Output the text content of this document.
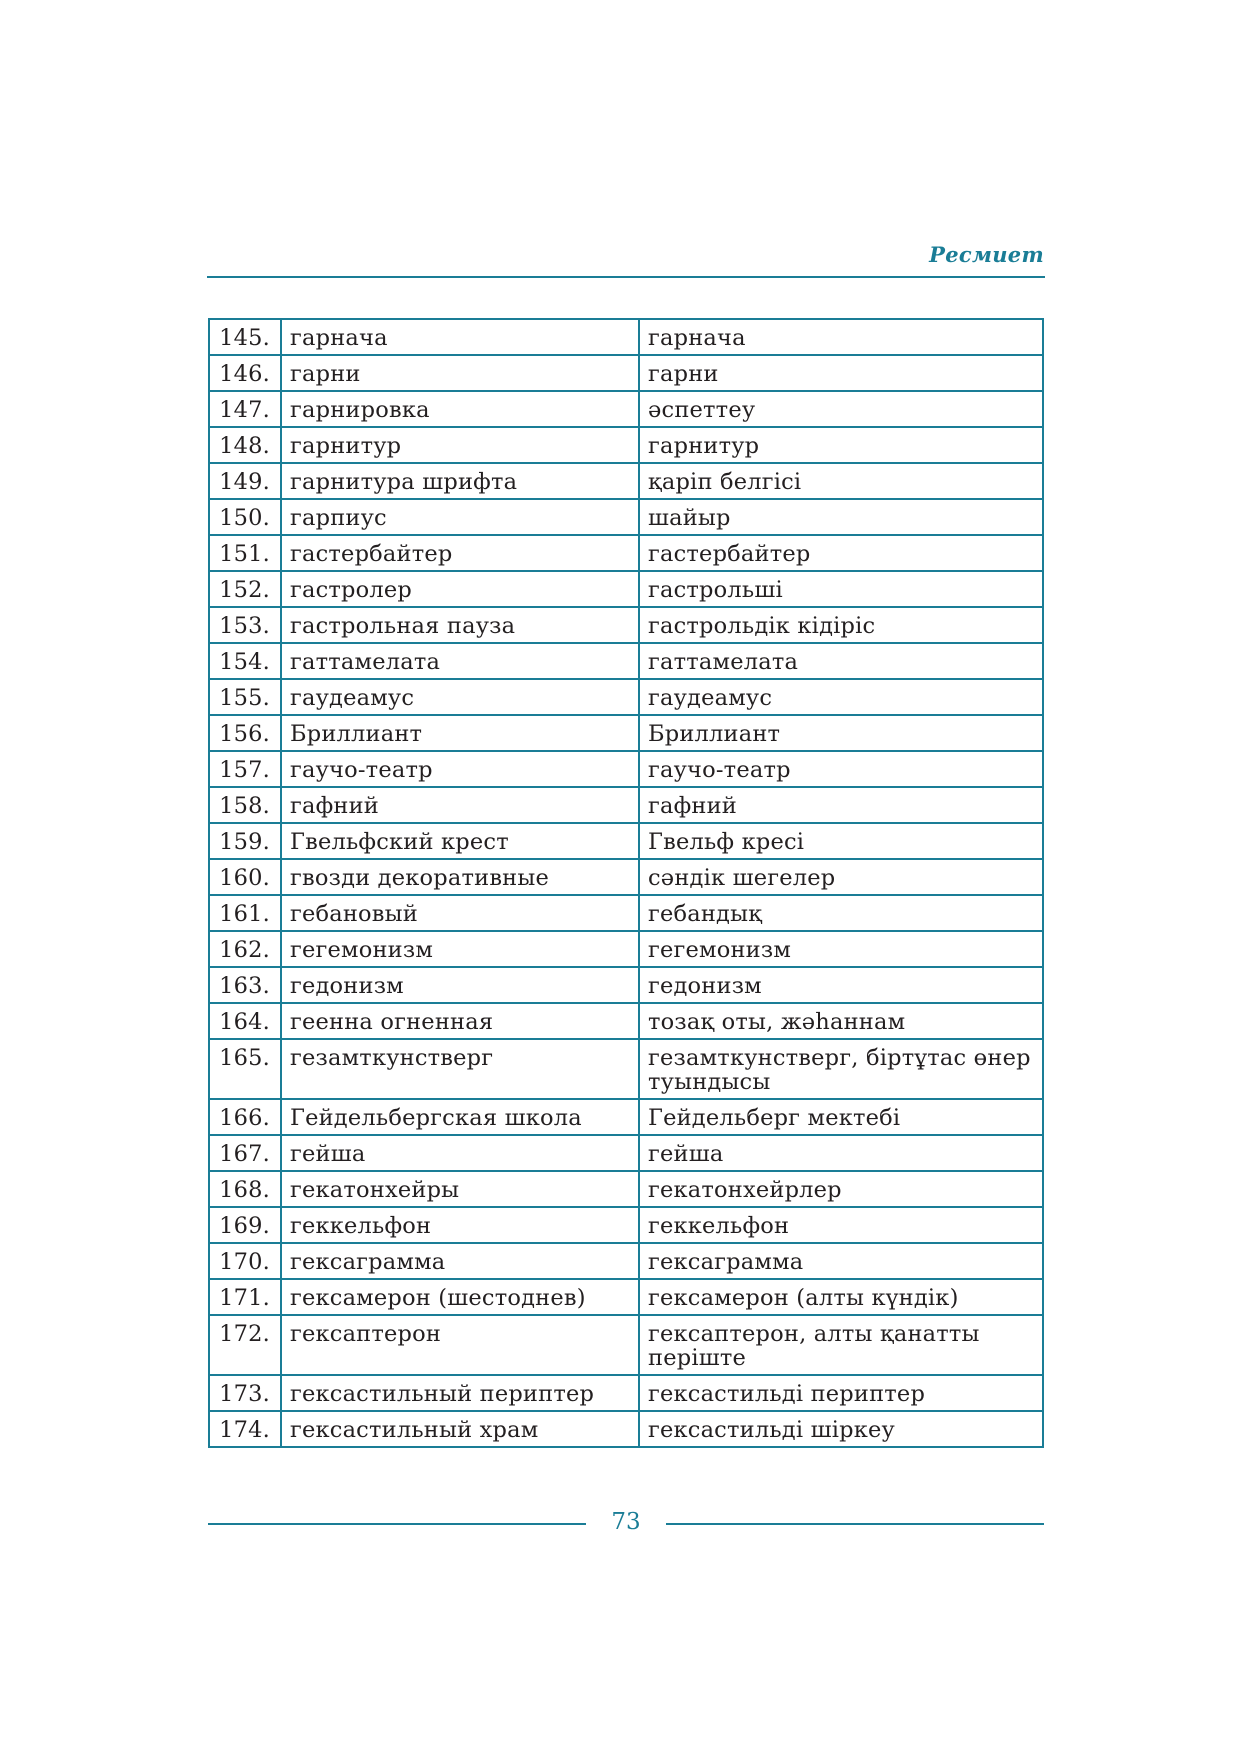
Ресмиет
145.	гарнача	гарнача
146.	гарни	гарни
147.	гарнировка	әспеттеу
148.	гарнитур	гарнитур
149.	гарнитура шрифта	қаріп белгісі
150.	гарпиус	шайыр
151.	гастербайтер	гастербайтер
152.	гастролер	гастрольші
153.	гастрольная пауза	гастрольдік кідіріс
154.	гаттамелата	гаттамелата
155.	гаудеамус	гаудеамус
156.	Бриллиант	Бриллиант
157.	гаучо-театр	гаучо-театр
158.	гафний	гафний
159.	Гвельфский крест	Гвельф кресі
160.	гвозди декоративные	сәндік шегелер
161.	гебановый	гебандық
162.	гегемонизм	гегемонизм
163.	гедонизм	гедонизм
164.	геенна огненная	тозақ оты, жәһаннам
165.	гезамткунстверг	гезамткунстверг, біртұтас өнер туындысы
166.	Гейдельбергская школа	Гейдельберг мектебі
167.	гейша	гейша
168.	гекатонхейры	гекатонхейрлер
169.	геккельфон	геккельфон
170.	гексаграмма	гексаграмма
171.	гексамерон (шестоднев)	гексамерон (алты күндік)
172.	гексаптерон	гексаптерон, алты қанатты періште
173.	гексастильный периптер	гексастильді периптер
174.	гексастильный храм	гексастильді шіркеу
73
